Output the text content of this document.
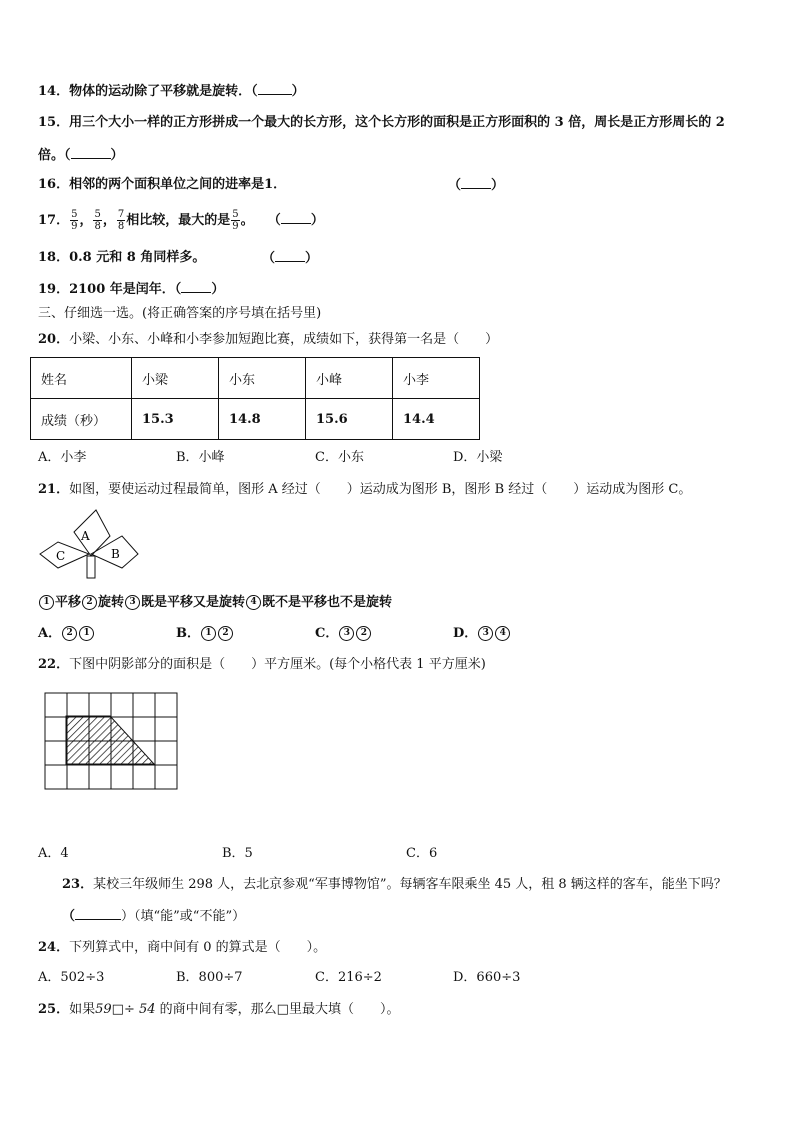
14．物体的运动除了平移就是旋转．（	）
15．用三个大小一样的正方形拼成一个最大的长方形，这个长方形的面积是正方形面积的 3 倍，周长是正方形周长的 2
倍。（	）
16．相邻的两个面积单位之间的进率是1．	（ ）
17． $\frac{5}{9}$ ， $\frac{5}{8}$ ， $\frac{7}{8}$ 相比较，最大的是 $\frac{5}{9}$ 。 （ ）
18．0.8 元和 8 角同样多。	（ ）
19．2100 年是闰年．（ ）
三、仔细选一选。(将正确答案的序号填在括号里)
20．小梁、小东、小峰和小李参加短跑比赛，成绩如下，获得第一名是（　　）
姓名	小梁	小东	小峰	小李
成绩（秒）	15.3	14.8	15.6	14.4
A．小李	B．小峰	C．小东	D．小梁
21．如图，要使运动过程最简单，图形 A 经过（　　）运动成为图形 B，图形 B 经过（　　）运动成为图形 C。
A
B
C
1 平移 2 旋转 3 既是平移又是旋转 4 既不是平移也不是旋转
A． 2 1	B． 1 2	C． 3 2	D． 3 4
22．下图中阴影部分的面积是（　　）平方厘米。(每个小格代表 1 平方厘米)
A．4	B．5	C．6
23．某校三年级师生 298 人，去北京参观“军事博物馆”。每辆客车限乘坐 45 人，租 8 辆这样的客车，能坐下吗？
（	）（填“能”或“不能”）
24．下列算式中，商中间有 0 的算式是（　　）。
A．502÷3	B．800÷7	C．216÷2	D．660÷3
25．如果59□÷ 54 的商中间有零，那么□里最大填（　　）。
